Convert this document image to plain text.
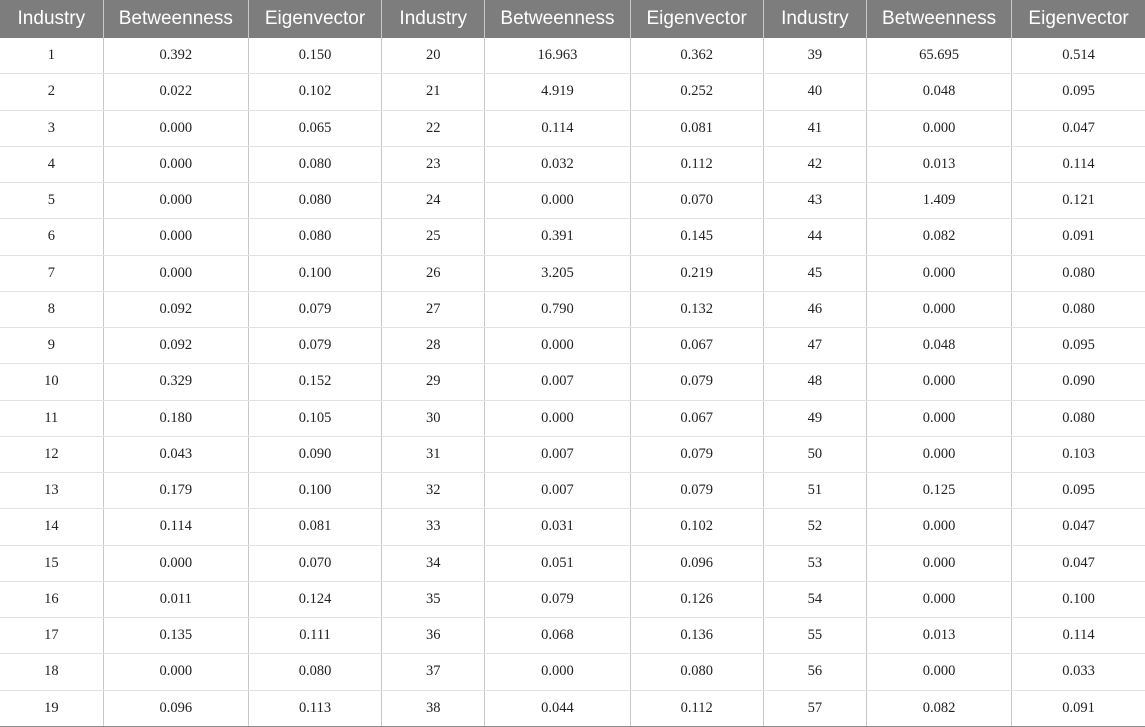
Industry	Betweenness	Eigenvector	Industry	Betweenness	Eigenvector	Industry	Betweenness	Eigenvector
1	0.392	0.150	20	16.963	0.362	39	65.695	0.514
2	0.022	0.102	21	4.919	0.252	40	0.048	0.095
3	0.000	0.065	22	0.114	0.081	41	0.000	0.047
4	0.000	0.080	23	0.032	0.112	42	0.013	0.114
5	0.000	0.080	24	0.000	0.070	43	1.409	0.121
6	0.000	0.080	25	0.391	0.145	44	0.082	0.091
7	0.000	0.100	26	3.205	0.219	45	0.000	0.080
8	0.092	0.079	27	0.790	0.132	46	0.000	0.080
9	0.092	0.079	28	0.000	0.067	47	0.048	0.095
10	0.329	0.152	29	0.007	0.079	48	0.000	0.090
11	0.180	0.105	30	0.000	0.067	49	0.000	0.080
12	0.043	0.090	31	0.007	0.079	50	0.000	0.103
13	0.179	0.100	32	0.007	0.079	51	0.125	0.095
14	0.114	0.081	33	0.031	0.102	52	0.000	0.047
15	0.000	0.070	34	0.051	0.096	53	0.000	0.047
16	0.011	0.124	35	0.079	0.126	54	0.000	0.100
17	0.135	0.111	36	0.068	0.136	55	0.013	0.114
18	0.000	0.080	37	0.000	0.080	56	0.000	0.033
19	0.096	0.113	38	0.044	0.112	57	0.082	0.091
